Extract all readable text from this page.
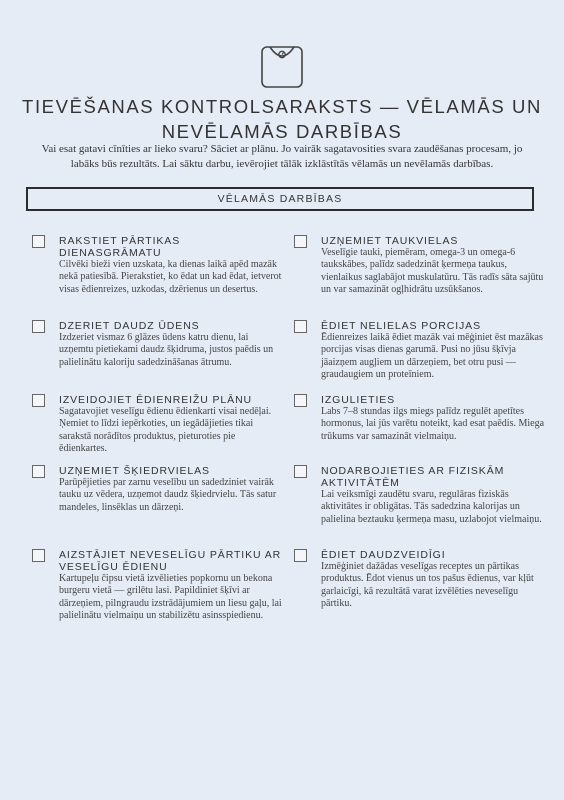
TIEVĒŠANAS KONTROLSARAKSTS — VĒLAMĀS UN NEVĒLAMĀS DARBĪBAS

Vai esat gatavi cīnīties ar lieko svaru? Sāciet ar plānu. Jo vairāk sagatavosities svara zaudēšanas procesam, jo labāks būs rezultāts. Lai sāktu darbu, ievērojiet tālāk izklāstītās vēlamās un nevēlamās darbības.

VĒLAMĀS DARBĪBAS

RAKSTIET PĀRTIKAS DIENASGRĀMATU

Cilvēki bieži vien uzskata, ka dienas laikā apēd mazāk nekā patiesībā. Pierakstiet, ko ēdat un kad ēdat, ietverot visas ēdienreizes, uzkodas, dzērienus un desertus.

DZERIET DAUDZ ŪDENS

Izdzeriet vismaz 6 glāzes ūdens katru dienu, lai uzņemtu pietiekami daudz šķidruma, justos paēdis un palielinātu kaloriju sadedzināšanas ātrumu.

IZVEIDOJIET ĒDIENREIŽU PLĀNU

Sagatavojiet veselīgu ēdienu ēdienkarti visai nedēļai. Ņemiet to līdzi iepērkoties, un iegādājieties tikai sarakstā norādītos produktus, pieturoties pie ēdienkartes.

UZŅEMIET ŠĶIEDRVIELAS

Parūpējieties par zarnu veselību un sadedziniet vairāk tauku uz vēdera, uzņemot daudz šķiedrvielu. Tās satur mandeles, linsēklas un dārzeņi.

AIZSTĀJIET NEVESELĪGU PĀRTIKU AR VESELĪGU ĒDIENU

Kartupeļu čipsu vietā izvēlieties popkornu un bekona burgeru vietā — grilētu lasi. Papildiniet šķīvi ar dārzeņiem, pilngraudu izstrādājumiem un liesu gaļu, lai palielinātu vielmaiņu un stabilizētu asinsspiedienu.

UZŅEMIET TAUKVIELAS

Veselīgie tauki, piemēram, omega-3 un omega-6 taukskābes, palīdz sadedzināt ķermeņa taukus, vienlaikus saglabājot muskulatūru. Tās radīs sāta sajūtu un var samazināt ogļhidrātu uzsūkšanos.

ĒDIET NELIELAS PORCIJAS

Ēdienreizes laikā ēdiet mazāk vai mēģiniet ēst mazākas porcijas visas dienas garumā. Pusi no jūsu šķīvja jāaizņem augļiem un dārzeņiem, bet otru pusi — graudaugiem un proteīniem.

IZGULIETIES

Labs 7–8 stundas ilgs miegs palīdz regulēt apetītes hormonus, lai jūs varētu noteikt, kad esat paēdis. Miega trūkums var samazināt vielmaiņu.

NODARBOJIETIES AR FIZISKĀM AKTIVITĀTĒM

Lai veiksmīgi zaudētu svaru, regulāras fiziskās aktivitātes ir obligātas. Tās sadedzina kalorijas un palielina beztauku ķermeņa masu, uzlabojot vielmaiņu.

ĒDIET DAUDZVEIDĪGI

Izmēģiniet dažādas veselīgas receptes un pārtikas produktus. Ēdot vienus un tos pašus ēdienus, var kļūt garlaicīgi, kā rezultātā varat izvēlēties neveselīgu pārtiku.
